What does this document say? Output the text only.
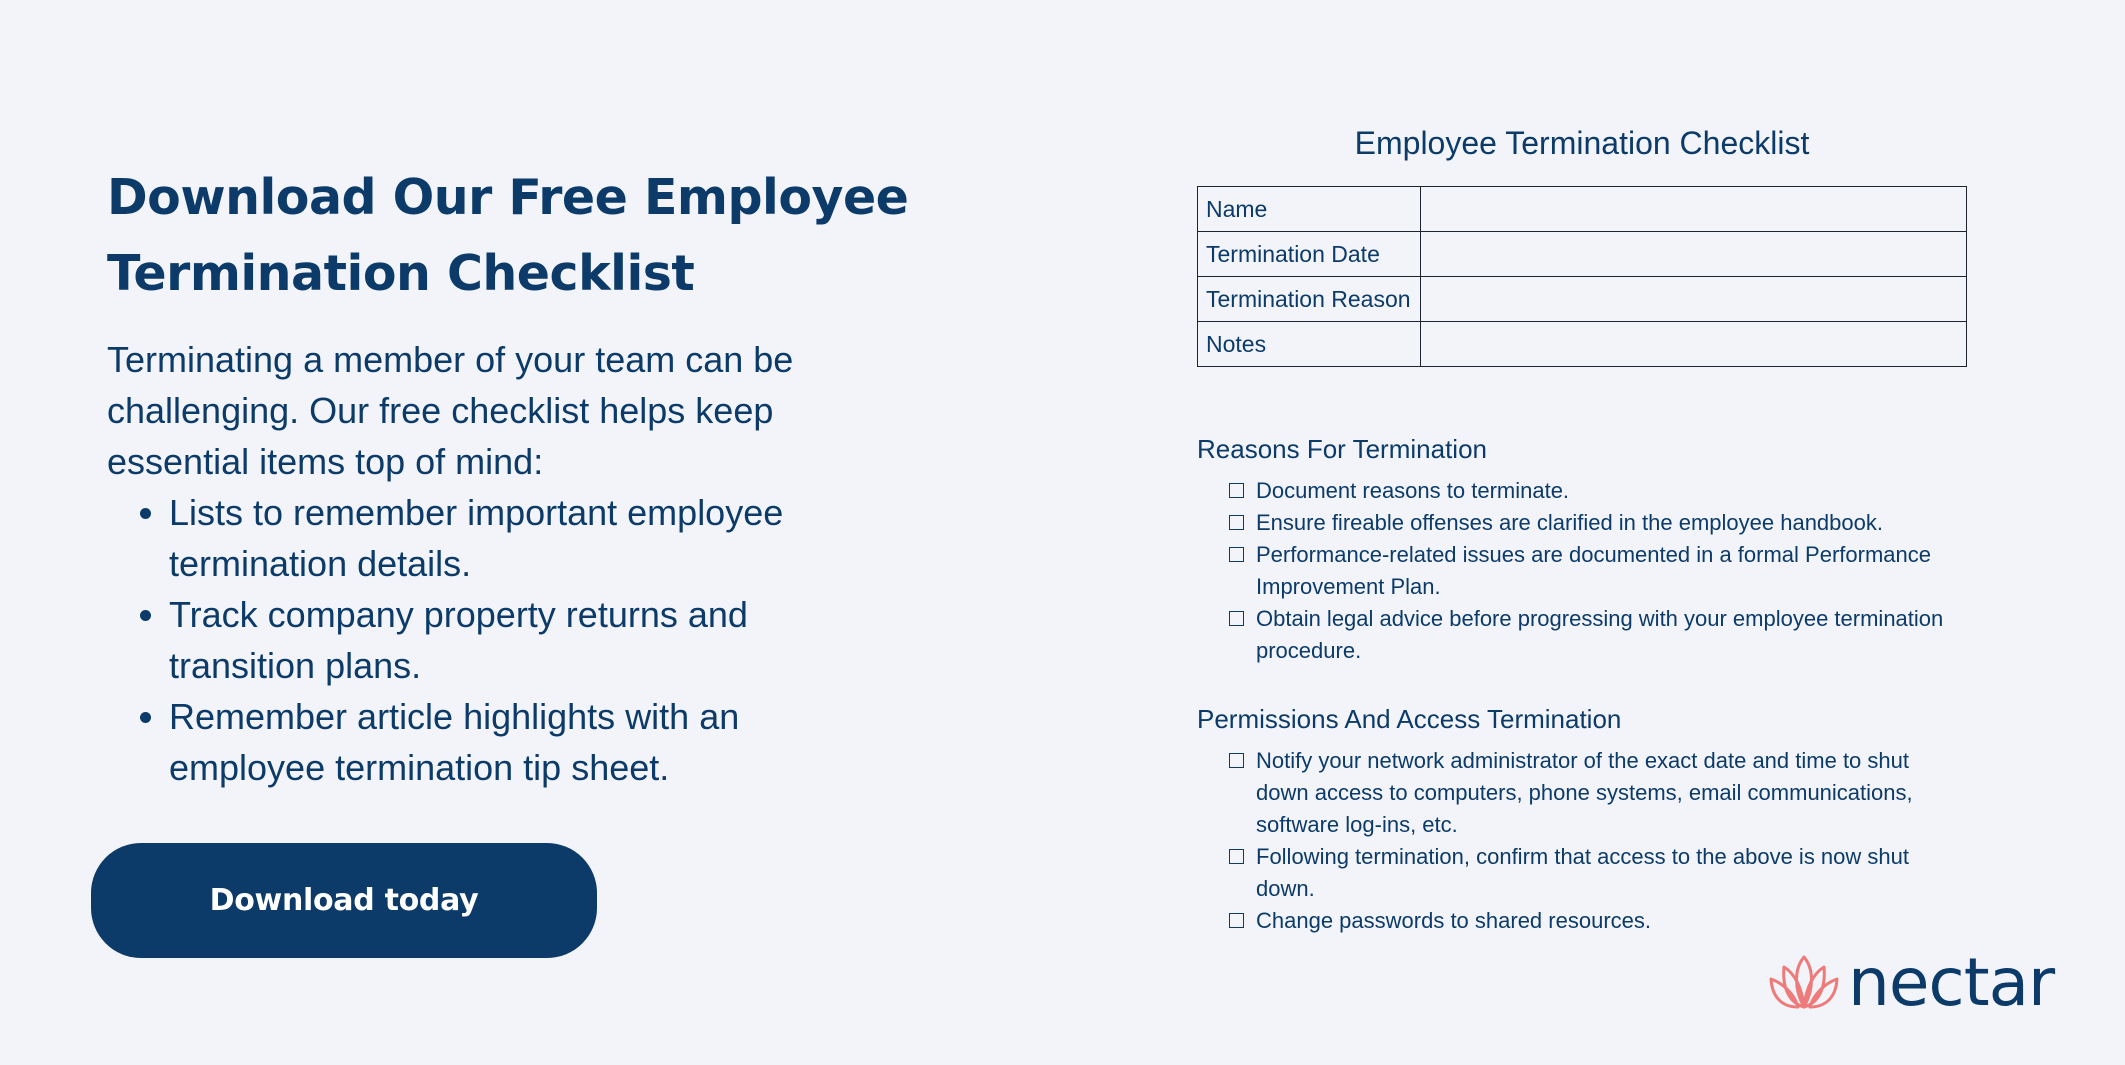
Download Our Free Employee
Termination Checklist

Terminating a member of your team can be challenging. Our free checklist helps keep essential items top of mind:

• Lists to remember important employee termination details.
• Track company property returns and transition plans.
• Remember article highlights with an employee termination tip sheet.
Download today
Employee Termination Checklist
Name	
Termination Date	
Termination Reason	
Notes	
Reasons For Termination
Document reasons to terminate.
Ensure fireable offenses are clarified in the employee handbook.
Performance-related issues are documented in a formal Performance Improvement Plan.
Obtain legal advice before progressing with your employee termination procedure.
Permissions And Access Termination
Notify your network administrator of the exact date and time to shut down access to computers, phone systems, email communications, software log-ins, etc.
Following termination, confirm that access to the above is now shut down.
Change passwords to shared resources.
nectar
